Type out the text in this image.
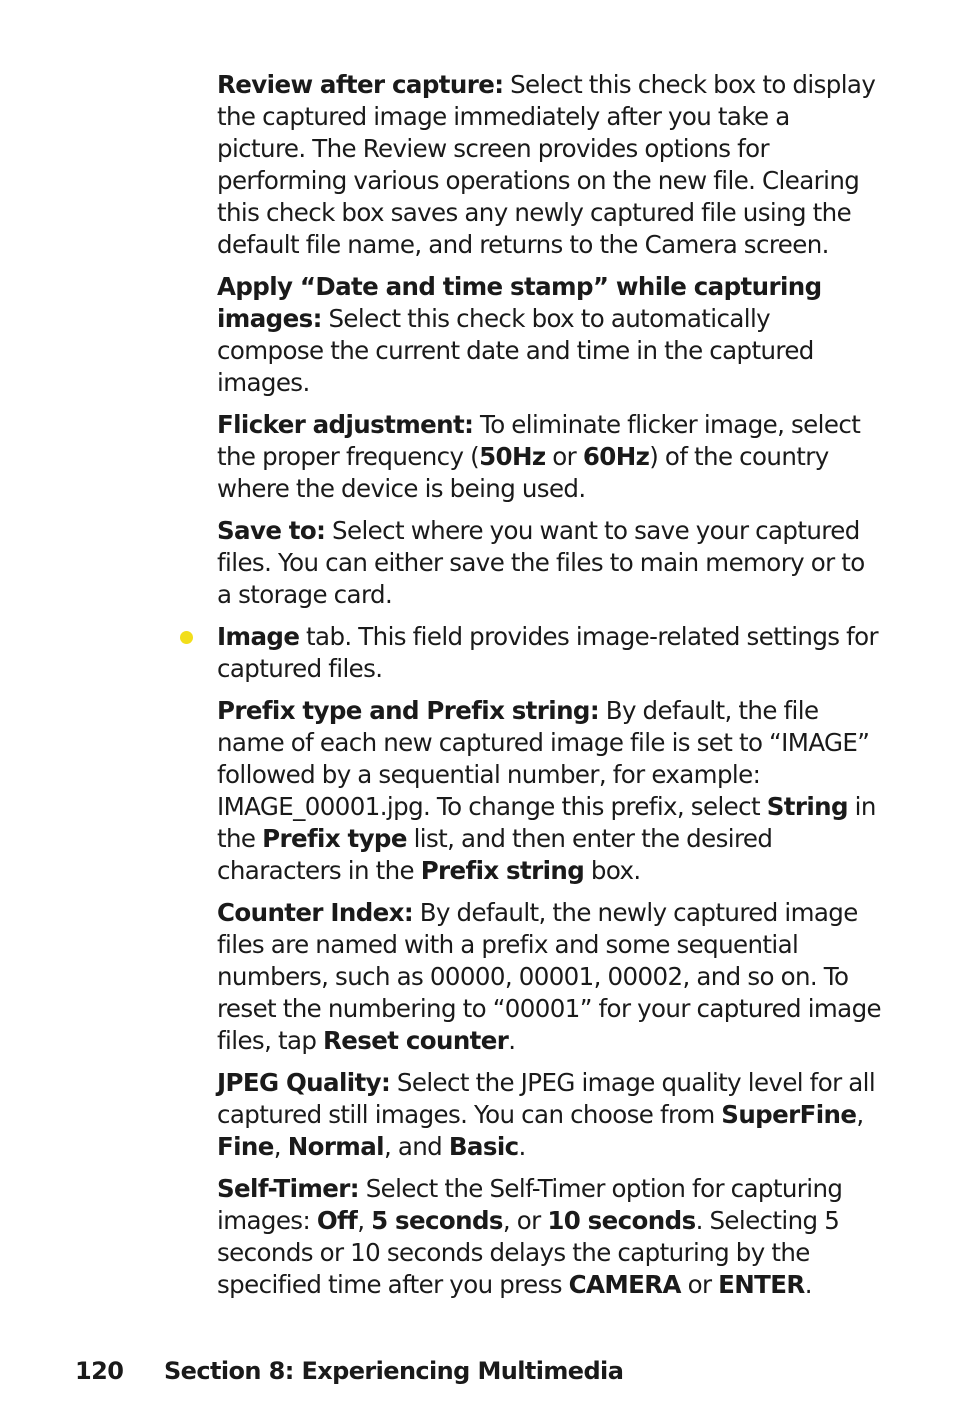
Review after capture: Select this check box to display the captured image immediately after you take a picture. The Review screen provides options for performing various operations on the new file. Clearing this check box saves any newly captured file using the default file name, and returns to the Camera screen.

Apply “Date and time stamp” while capturing images: Select this check box to automatically compose the current date and time in the captured images.

Flicker adjustment: To eliminate flicker image, select the proper frequency (50Hz or 60Hz) of the country where the device is being used.

Save to: Select where you want to save your captured files. You can either save the files to main memory or to a storage card.

Image tab. This field provides image-related settings for captured files.

Prefix type and Prefix string: By default, the file name of each new captured image file is set to “IMAGE” followed by a sequential number, for example: IMAGE_00001.jpg. To change this prefix, select String in the Prefix type list, and then enter the desired characters in the Prefix string box.

Counter Index: By default, the newly captured image files are named with a prefix and some sequential numbers, such as 00000, 00001, 00002, and so on. To reset the numbering to “00001” for your captured image files, tap Reset counter.

JPEG Quality: Select the JPEG image quality level for all captured still images. You can choose from SuperFine, Fine, Normal, and Basic.

Self-Timer: Select the Self-Timer option for capturing images: Off, 5 seconds, or 10 seconds. Selecting 5 seconds or 10 seconds delays the capturing by the specified time after you press CAMERA or ENTER.

120 Section 8: Experiencing Multimedia
